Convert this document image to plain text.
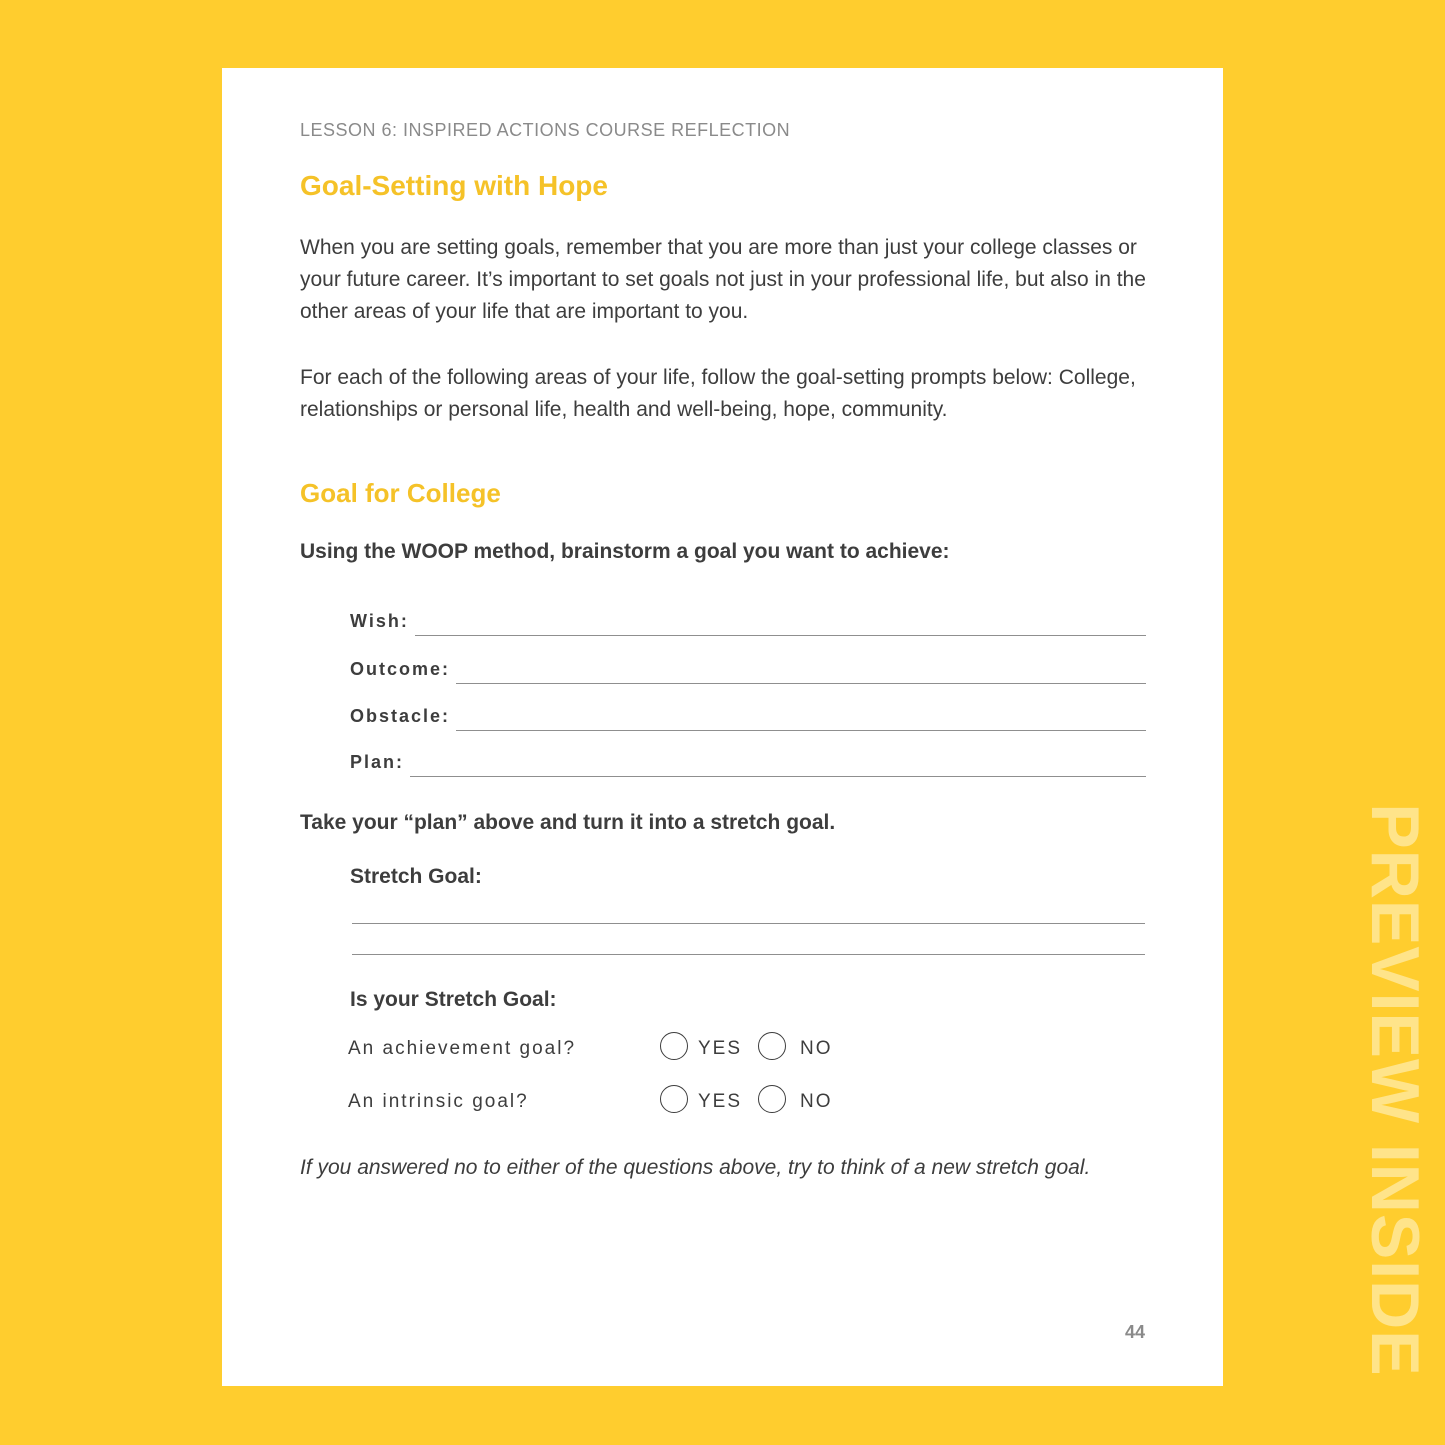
LESSON 6: INSPIRED ACTIONS COURSE REFLECTION
Goal-Setting with Hope

When you are setting goals, remember that you are more than just your college classes or your future career. It’s important to set goals not just in your professional life, but also in the other areas of your life that are important to you.

For each of the following areas of your life, follow the goal-setting prompts below: College, relationships or personal life, health and well-being, hope, community.

Goal for College
Using the WOOP method, brainstorm a goal you want to achieve:
Wish:
Outcome:
Obstacle:
Plan:
Take your “plan” above and turn it into a stretch goal.
Stretch Goal:
Is your Stretch Goal:
An achievement goal?	YES	NO
An intrinsic goal?	YES	NO

If you answered no to either of the questions above, try to think of a new stretch goal.

44	PREVIEW INSIDE
